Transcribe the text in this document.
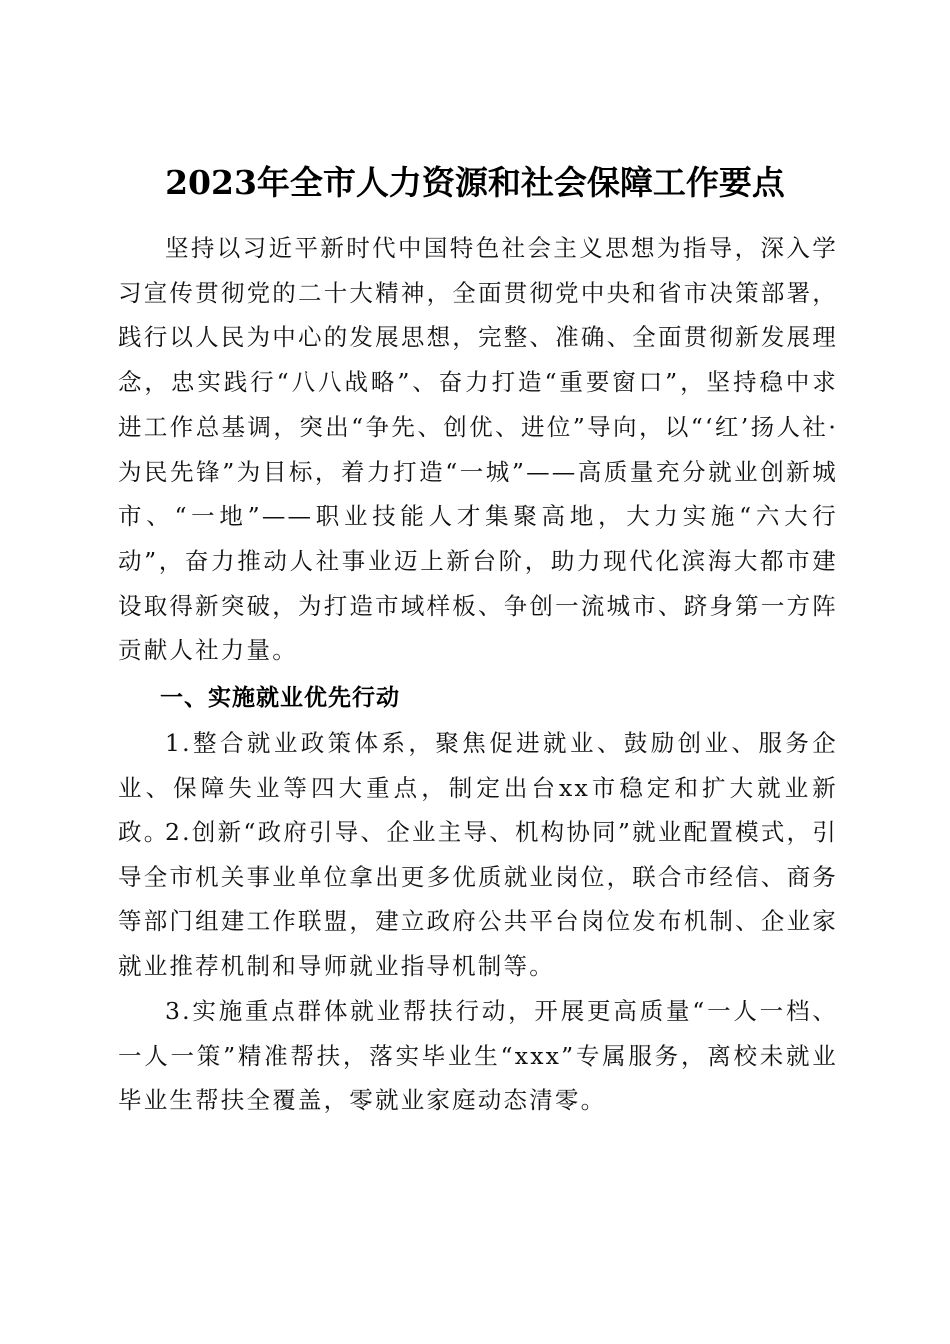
2023年全市人力资源和社会保障工作要点

坚持以习近平新时代中国特色社会主义思想为指导，深入学习宣传贯彻党的二十大精神，全面贯彻党中央和省市决策部署，践行以人民为中心的发展思想，完整、准确、全面贯彻新发展理念，忠实践行“八八战略”、奋力打造“重要窗口”，坚持稳中求进工作总基调，突出“争先、创优、进位”导向，以“‘红’扬人社·为民先锋”为目标，着力打造“一城”——高质量充分就业创新城市、“一地”——职业技能人才集聚高地，大力实施“六大行动”，奋力推动人社事业迈上新台阶，助力现代化滨海大都市建设取得新突破，为打造市域样板、争创一流城市、跻身第一方阵贡献人社力量。

一、实施就业优先行动

1.整合就业政策体系，聚焦促进就业、鼓励创业、服务企业、保障失业等四大重点，制定出台xx市稳定和扩大就业新政。

2.创新“政府引导、企业主导、机构协同”就业配置模式，引导全市机关事业单位拿出更多优质就业岗位，联合市经信、商务等部门组建工作联盟，建立政府公共平台岗位发布机制、企业家就业推荐机制和导师就业指导机制等。

3.实施重点群体就业帮扶行动，开展更高质量“一人一档、一人一策”精准帮扶，落实毕业生“xxx”专属服务，离校未就业毕业生帮扶全覆盖，零就业家庭动态清零。
